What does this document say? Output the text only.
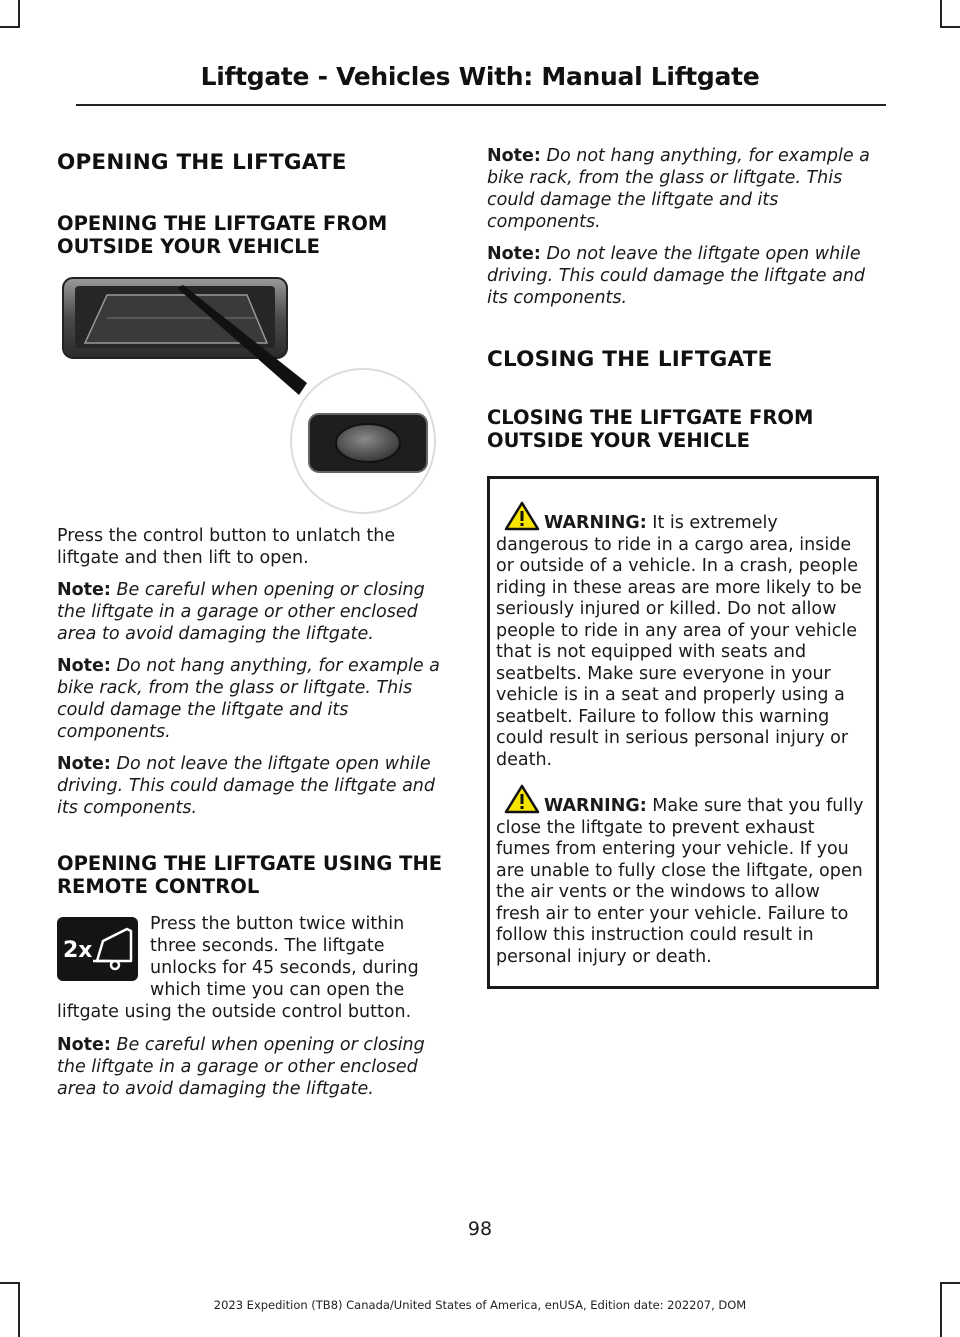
Liftgate - Vehicles With: Manual Liftgate
OPENING THE LIFTGATE
OPENING THE LIFTGATE FROM OUTSIDE YOUR VEHICLE

Press the control button to unlatch the liftgate and then lift to open.

Note: Be careful when opening or closing the liftgate in a garage or other enclosed area to avoid damaging the liftgate.

Note: Do not hang anything, for example a bike rack, from the glass or liftgate. This could damage the liftgate and its components.

Note: Do not leave the liftgate open while driving. This could damage the liftgate and its components.

OPENING THE LIFTGATE USING THE REMOTE CONTROL
2x

Press the button twice within three seconds. The liftgate unlocks for 45 seconds, during which time you can open the liftgate using the outside control button.

Note: Be careful when opening or closing the liftgate in a garage or other enclosed area to avoid damaging the liftgate.

Note: Do not hang anything, for example a bike rack, from the glass or liftgate. This could damage the liftgate and its components.

Note: Do not leave the liftgate open while driving. This could damage the liftgate and its components.

CLOSING THE LIFTGATE
CLOSING THE LIFTGATE FROM OUTSIDE YOUR VEHICLE

WARNING: It is extremely dangerous to ride in a cargo area, inside or outside of a vehicle. In a crash, people riding in these areas are more likely to be seriously injured or killed. Do not allow people to ride in any area of your vehicle that is not equipped with seats and seatbelts. Make sure everyone in your vehicle is in a seat and properly using a seatbelt. Failure to follow this warning could result in serious personal injury or death.

WARNING: Make sure that you fully close the liftgate to prevent exhaust fumes from entering your vehicle. If you are unable to fully close the liftgate, open the air vents or the windows to allow fresh air to enter your vehicle. Failure to follow this instruction could result in personal injury or death.

98
2023 Expedition (TB8) Canada/United States of America, enUSA, Edition date: 202207, DOM
